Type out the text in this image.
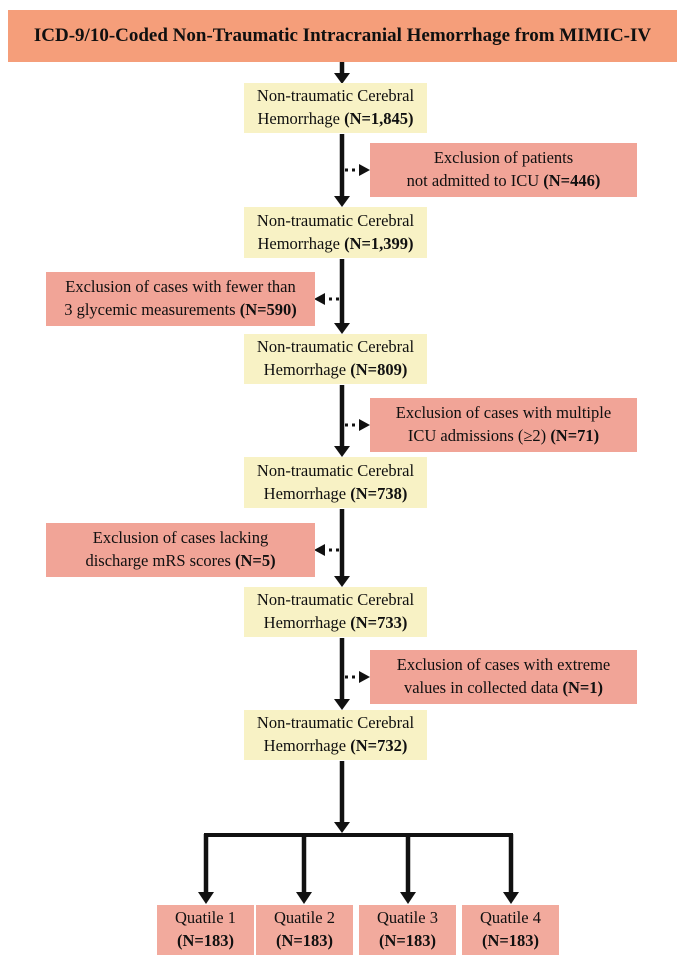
ICD-9/10-Coded Non-Traumatic Intracranial Hemorrhage from MIMIC-IV
Non-traumatic Cerebral
Hemorrhage (N=1,845)
Non-traumatic Cerebral
Hemorrhage (N=1,399)
Non-traumatic Cerebral
Hemorrhage (N=809)
Non-traumatic Cerebral
Hemorrhage (N=738)
Non-traumatic Cerebral
Hemorrhage (N=733)
Non-traumatic Cerebral
Hemorrhage (N=732)
Exclusion of patients
not admitted to ICU (N=446)
Exclusion of cases with fewer than
3 glycemic measurements (N=590)
Exclusion of cases with multiple
ICU admissions (≥2) (N=71)
Exclusion of cases lacking
discharge mRS scores (N=5)
Exclusion of cases with extreme
values in collected data (N=1)
Quatile 1
(N=183)
Quatile 2
(N=183)
Quatile 3
(N=183)
Quatile 4
(N=183)
